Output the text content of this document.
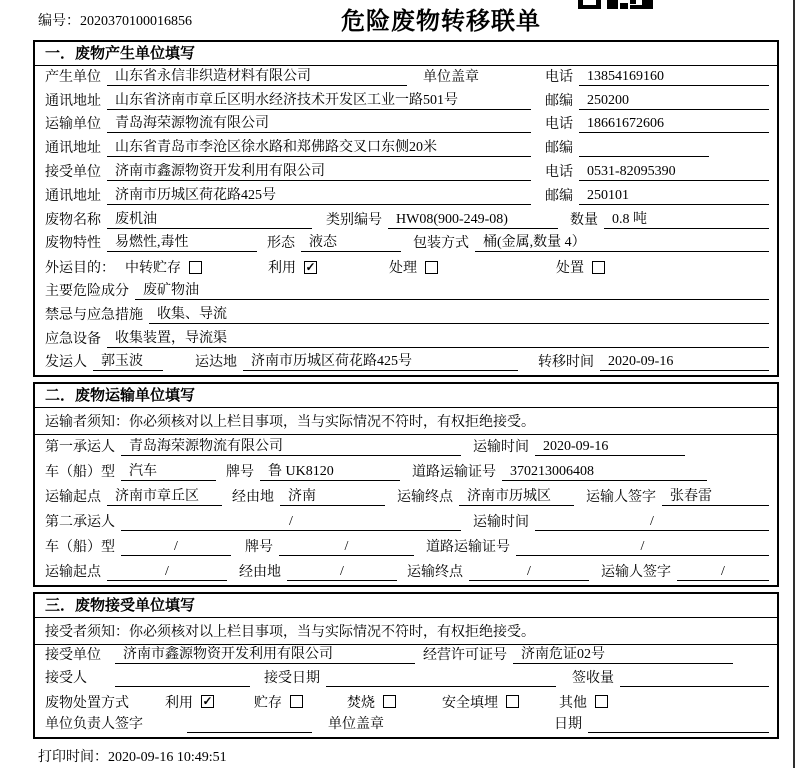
编号：2020370100016856	危险废物转移联单
一．废物产生单位填写
产生单位	山东省永信非织造材料有限公司	单位盖章	电话	13854169160
通讯地址	山东省济南市章丘区明水经济技术开发区工业一路501号	邮编	250200
运输单位	青岛海荣源物流有限公司	电话	18661672606
通讯地址	山东省青岛市李沧区徐水路和郑佛路交叉口东侧20米	邮编
接受单位	济南市鑫源物资开发利用有限公司	电话	0531-82095390
通讯地址	济南市历城区荷花路425号	邮编	250101
废物名称	废机油	类别编号	HW08(900-249-08)	数量	0.8 吨
废物特性	易燃性,毒性	形态	液态	包装方式	桶(金属,数量 4）
外运目的： 中转贮存	利用 ✓	处理	处置
主要危险成分	废矿物油
禁忌与应急措施	收集、导流
应急设备	收集装置，导流渠
发运人	郭玉波	运达地	济南市历城区荷花路425号	转移时间	2020-09-16
二．废物运输单位填写
运输者须知：你必须核对以上栏目事项，当与实际情况不符时，有权拒绝接受。
第一承运人	青岛海荣源物流有限公司	运输时间	2020-09-16
车（船）型	汽车	牌号	鲁 UK8120	道路运输证号	370213006408
运输起点	济南市章丘区	经由地	济南	运输终点	济南市历城区	运输人签字	张春雷
第二承运人	/	运输时间	/
车（船）型	/	牌号	/	道路运输证号	/
运输起点	/	经由地	/	运输终点	/	运输人签字	/
三．废物接受单位填写
接受者须知：你必须核对以上栏目事项，当与实际情况不符时，有权拒绝接受。
接受单位	济南市鑫源物资开发利用有限公司	经营许可证号	济南危证02号
接受人	接受日期	签收量
废物处置方式	利用 ✓	贮存	焚烧	安全填埋	其他
单位负责人签字	单位盖章	日期
打印时间：2020-09-16 10:49:51
